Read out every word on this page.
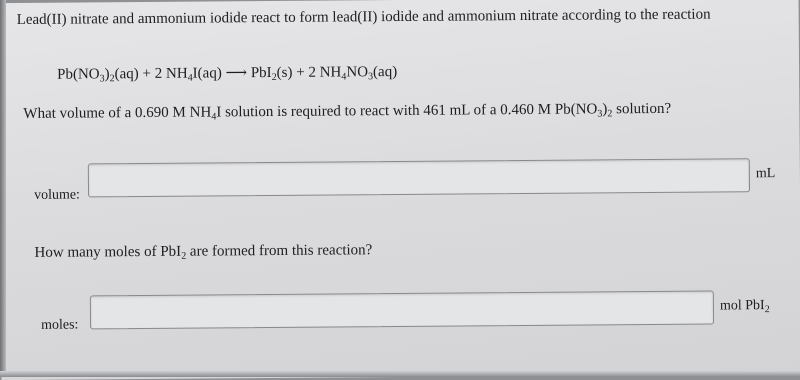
Lead(II) nitrate and ammonium iodide react to form lead(II) iodide and ammonium nitrate according to the reaction
$Pb(NO_3)_2(aq) + 2$ $NH_4I(aq)$ ⟶ PbI$_2$(s) + 2 $NH_4NO_3(aq)$
What volume of a 0.690 M $NH_4I$ solution is required to react with 461 mL of a 0.460 M $Pb(NO_3)_2$ solution?
volume:
mL
How many moles of PbI$_2$ are formed from this reaction?
moles:
mol PbI$_2$
